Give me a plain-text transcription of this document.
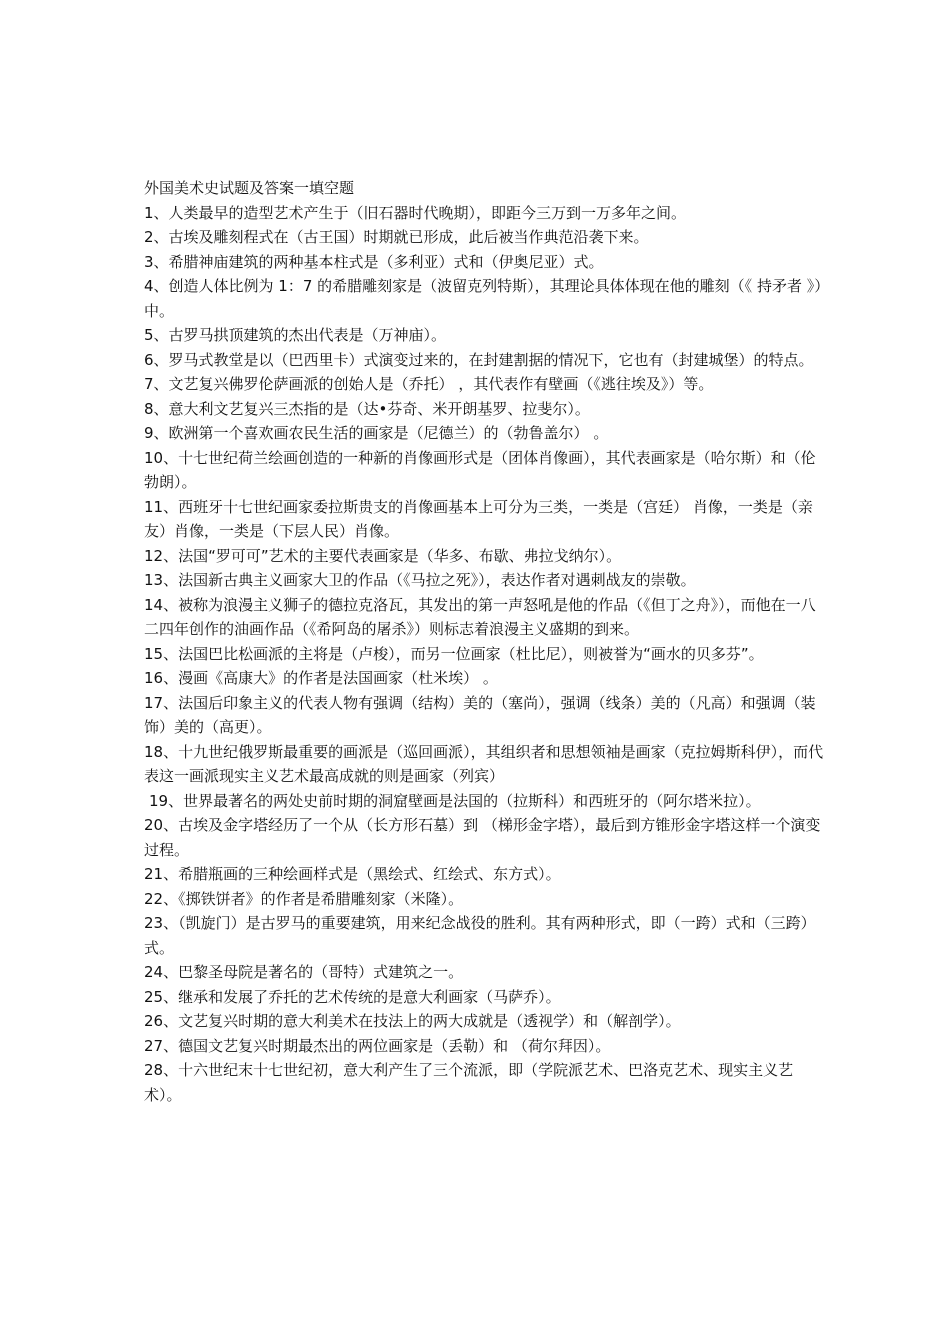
外国美术史试题及答案一填空题

1、人类最早的造型艺术产生于（旧石器时代晚期），即距今三万到一万多年之间。

2、古埃及雕刻程式在（古王国）时期就已形成，此后被当作典范沿袭下来。

3、希腊神庙建筑的两种基本柱式是（多利亚）式和（伊奥尼亚）式。

4、创造人体比例为 1：7 的希腊雕刻家是（波留克列特斯），其理论具体体现在他的雕刻（《 持矛者 》）中。

5、古罗马拱顶建筑的杰出代表是（万神庙）。

6、罗马式教堂是以（巴西里卡）式演变过来的，在封建割据的情况下，它也有（封建城堡）的特点。

7、文艺复兴佛罗伦萨画派的创始人是（乔托） ，其代表作有壁画（《逃往埃及》）等。

8、意大利文艺复兴三杰指的是（达•芬奇、米开朗基罗、拉斐尔）。

9、欧洲第一个喜欢画农民生活的画家是（尼德兰）的（勃鲁盖尔） 。

10、十七世纪荷兰绘画创造的一种新的肖像画形式是（团体肖像画），其代表画家是（哈尔斯）和（伦勃朗）。

11、西班牙十七世纪画家委拉斯贵支的肖像画基本上可分为三类，一类是（宫廷） 肖像，一类是（亲友）肖像，一类是（下层人民）肖像。

12、法国“罗可可”艺术的主要代表画家是（华多、布歇、弗拉戈纳尔）。

13、法国新古典主义画家大卫的作品（《马拉之死》），表达作者对遇刺战友的崇敬。

14、被称为浪漫主义狮子的德拉克洛瓦，其发出的第一声怒吼是他的作品（《但丁之舟》），而他在一八二四年创作的油画作品（《希阿岛的屠杀》）则标志着浪漫主义盛期的到来。

15、法国巴比松画派的主将是（卢梭），而另一位画家（杜比尼），则被誉为“画水的贝多芬”。

16、漫画《高康大》的作者是法国画家（杜米埃） 。

17、法国后印象主义的代表人物有强调（结构）美的（塞尚），强调（线条）美的（凡高）和强调（装饰）美的（高更）。

18、十九世纪俄罗斯最重要的画派是（巡回画派），其组织者和思想领袖是画家（克拉姆斯科伊），而代表这一画派现实主义艺术最高成就的则是画家（列宾）

19、世界最著名的两处史前时期的洞窟壁画是法国的（拉斯科）和西班牙的（阿尔塔米拉）。

20、古埃及金字塔经历了一个从（长方形石墓）到 （梯形金字塔），最后到方锥形金字塔这样一个演变过程。

21、希腊瓶画的三种绘画样式是（黑绘式、红绘式、东方式）。

22、《掷铁饼者》的作者是希腊雕刻家（米隆）。

23、（凯旋门）是古罗马的重要建筑，用来纪念战役的胜利。其有两种形式，即（一跨）式和（三跨）式。

24、巴黎圣母院是著名的（哥特）式建筑之一。

25、继承和发展了乔托的艺术传统的是意大利画家（马萨乔）。

26、文艺复兴时期的意大利美术在技法上的两大成就是（透视学）和（解剖学）。

27、德国文艺复兴时期最杰出的两位画家是（丢勒）和 （荷尔拜因）。

28、十六世纪末十七世纪初，意大利产生了三个流派，即（学院派艺术、巴洛克艺术、现实主义艺术）。
